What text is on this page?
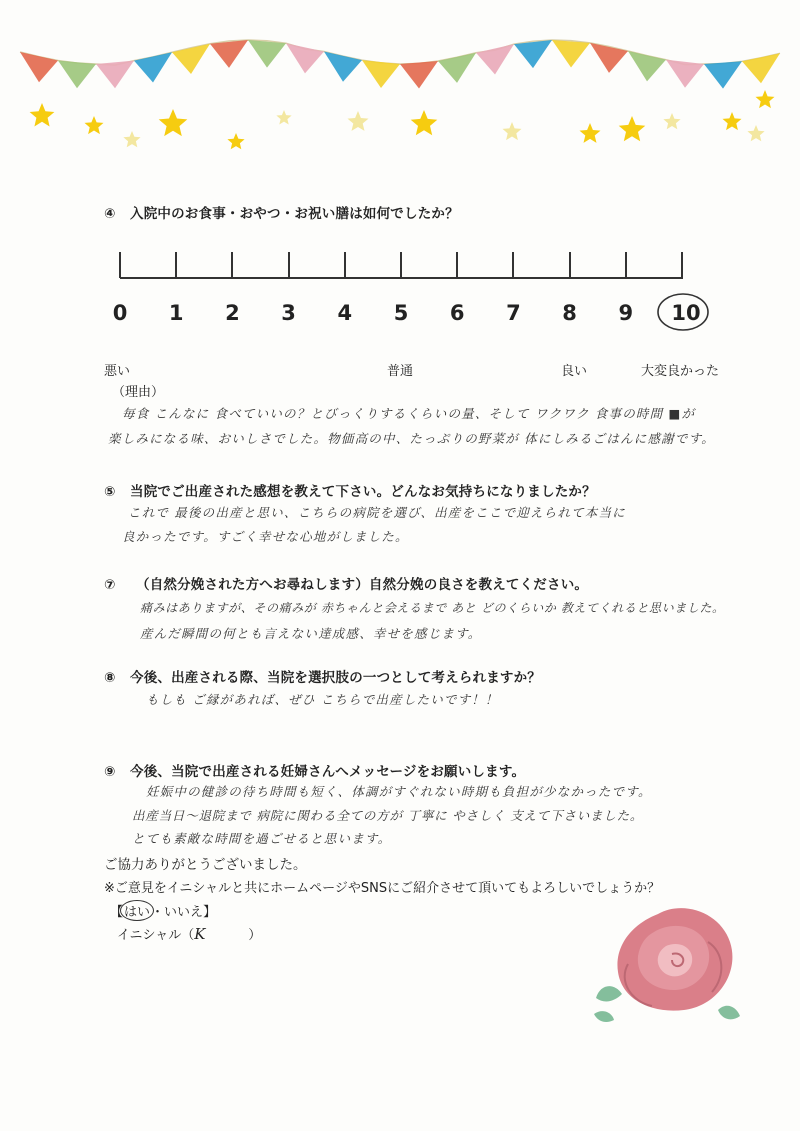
④ 入院中のお食事・おやつ・お祝い膳は如何でしたか？
0	1	2	3	4	5	6	7	8	9	10
悪い	普通	良い	大変良かった
（理由）
毎食 こんなに 食べていいの？とびっくりするくらいの量、そして ワクワク 食事の時間 ■が
楽しみになる味、おいしさでした。物価高の中、たっぷりの野菜が 体にしみるごはんに感謝です。
⑤ 当院でご出産された感想を教えて下さい。どんなお気持ちになりましたか？
これで 最後の出産と思い、こちらの病院を選び、出産をここで迎えられて本当に
良かったです。すごく幸せな心地がしました。
⑦ （自然分娩された方へお尋ねします）自然分娩の良さを教えてください。
痛みはありますが、その痛みが 赤ちゃんと会えるまで あと どのくらいか 教えてくれると思いました。
産んだ瞬間の何とも言えない達成感、幸せを感じます。
⑧ 今後、出産される際、当院を選択肢の一つとして考えられますか？
もしも ご縁があれば、ぜひ こちらで出産したいです！！
⑨ 今後、当院で出産される妊婦さんへメッセージをお願いします。
妊娠中の健診の待ち時間も短く、体調がすぐれない時期も負担が少なかったです。
出産当日～退院まで 病院に関わる全ての方が 丁寧に やさしく 支えて下さいました。
とても素敵な時間を過ごせると思います。
ご協力ありがとうございました。
※ご意見をイニシャルと共にホームページやSNSにご紹介させて頂いてもよろしいでしょうか？
【はい・いいえ】
イニシャル（K	）
